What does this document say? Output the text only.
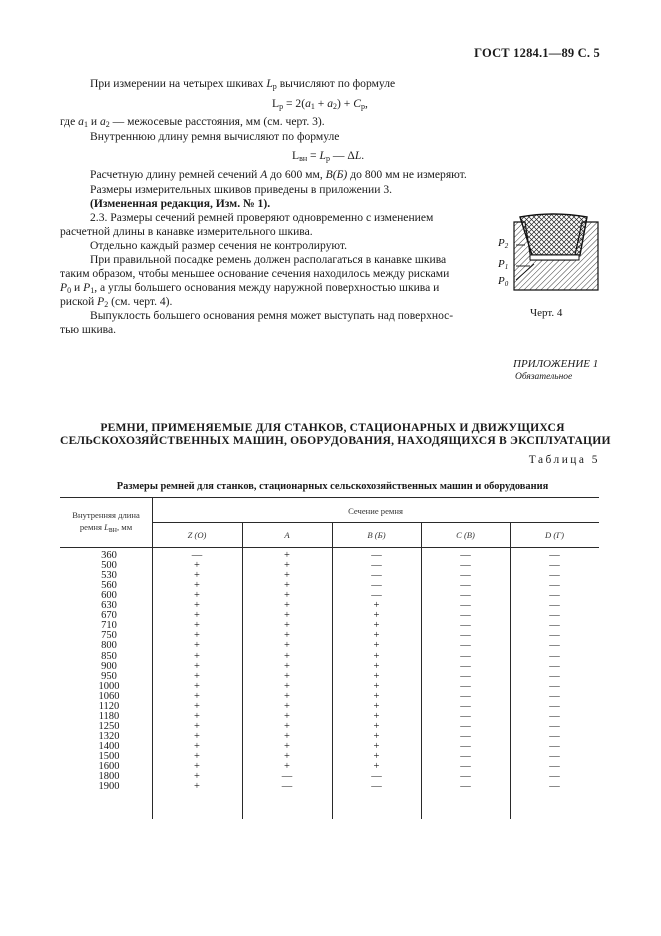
ГОСТ 1284.1—89 С. 5
При измерении на четырех шкивах $L_р$ вычисляют по формуле
$L_р = 2(a_1 + a_2) + C_р$,
где $a_1$ и $a_2$ — межосевые расстояния, мм (см. черт. 3).
Внутреннюю длину ремня вычисляют по формуле
$L_{вн} = L_р$ — ΔL.
Расчетную длину ремней сечений А до 600 мм, В(Б) до 800 мм не измеряют.
Размеры измерительных шкивов приведены в приложении 3.
(Измененная редакция, Изм. № 1).
2.3. Размеры сечений ремней проверяют одновременно с изменением
расчетной длины в канавке измерительного шкива.
Отдельно каждый размер сечения не контролируют.
При правильной посадке ремень должен располагаться в канавке шкива
таким образом, чтобы меньшее основание сечения находилось между рисками
$P_0$ и $P_1$, а углы большего основания между наружной поверхностью шкива и
риской $P_2$ (см. черт. 4).
Выпуклость большего основания ремня может выступать над поверхнос-
тью шкива.
P2
P1
P0
Черт. 4
ПРИЛОЖЕНИЕ 1
Обязательное
РЕМНИ, ПРИМЕНЯЕМЫЕ ДЛЯ СТАНКОВ, СТАЦИОНАРНЫХ И ДВИЖУЩИХСЯ
СЕЛЬСКОХОЗЯЙСТВЕННЫХ МАШИН, ОБОРУДОВАНИЯ, НАХОДЯЩИХСЯ В ЭКСПЛУАТАЦИИ
Таблица 5
Размеры ремней для станков, стационарных сельскохозяйственных машин и оборудования
Внутренняя длина
ремня $L_{вн}$, мм
Сечение ремня
Z (O)	A	B (Б)	C (B)	D (Г)
360	—	+	—	—	—
500	+	+	—	—	—
530	+	+	—	—	—
560	+	+	—	—	—
600	+	+	—	—	—
630	+	+	+	—	—
670	+	+	+	—	—
710	+	+	+	—	—
750	+	+	+	—	—
800	+	+	+	—	—
850	+	+	+	—	—
900	+	+	+	—	—
950	+	+	+	—	—
1000	+	+	+	—	—
1060	+	+	+	—	—
1120	+	+	+	—	—
1180	+	+	+	—	—
1250	+	+	+	—	—
1320	+	+	+	—	—
1400	+	+	+	—	—
1500	+	+	+	—	—
1600	+	+	+	—	—
1800	+	—	—	—	—
1900	+	—	—	—	—
